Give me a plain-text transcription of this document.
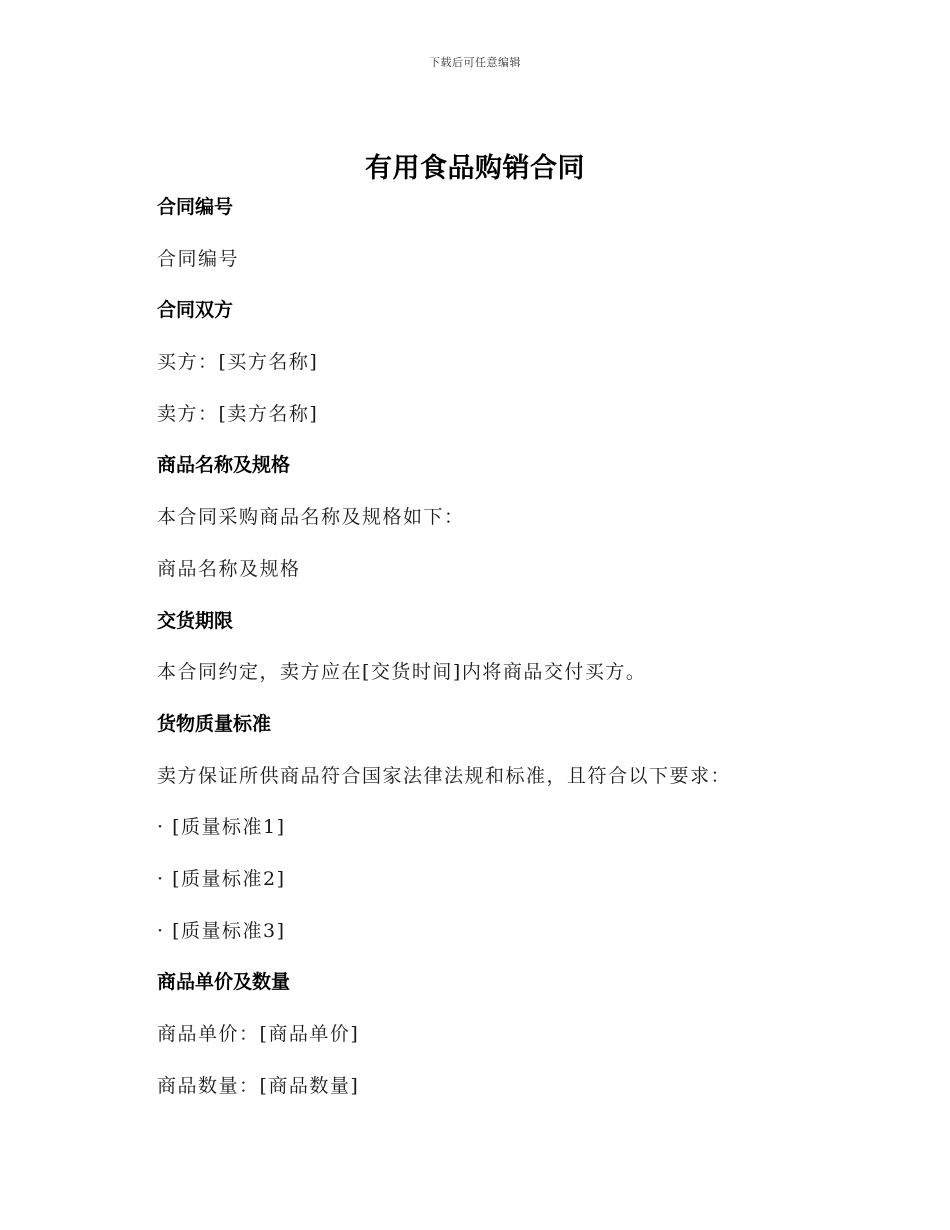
下载后可任意编辑
有用食品购销合同
合同编号
合同编号
合同双方
买方：[买方名称]
卖方：[卖方名称]
商品名称及规格
本合同采购商品名称及规格如下：
商品名称及规格
交货期限
本合同约定，卖方应在[交货时间]内将商品交付买方。
货物质量标准
卖方保证所供商品符合国家法律法规和标准，且符合以下要求：
· [质量标准1]
· [质量标准2]
· [质量标准3]
商品单价及数量
商品单价：[商品单价]
商品数量：[商品数量]
